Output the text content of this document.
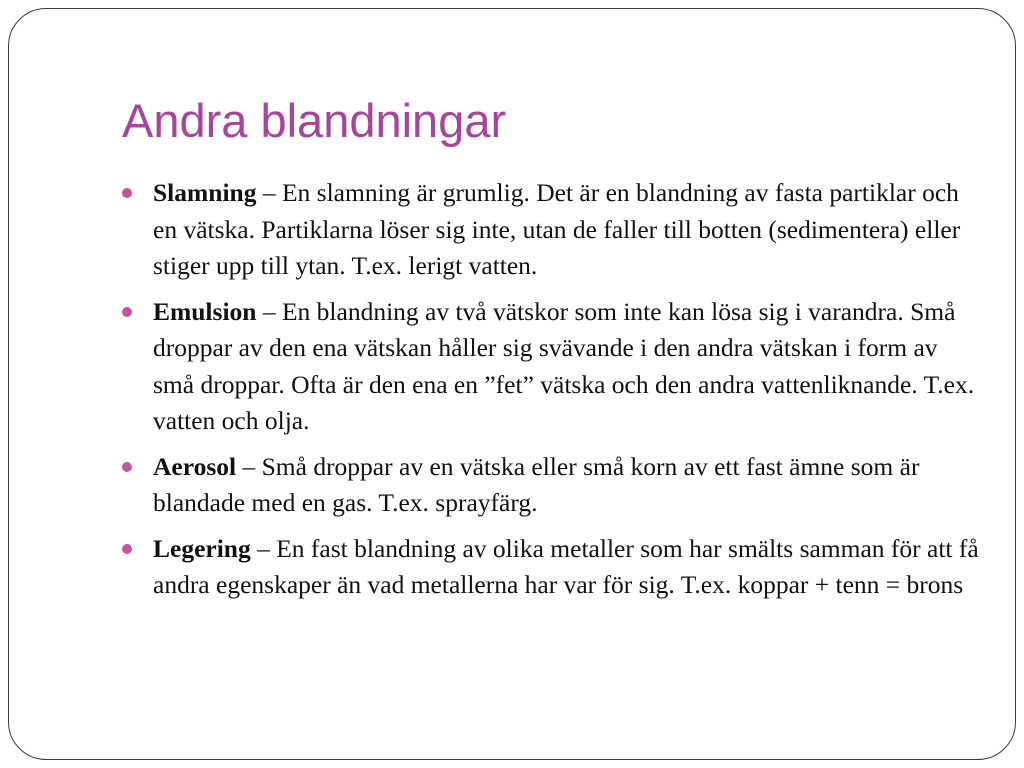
Andra blandningar
Slamning – En slamning är grumlig. Det är en blandning av fasta partiklar och en vätska. Partiklarna löser sig inte, utan de faller till botten (sedimentera) eller stiger upp till ytan. T.ex. lerigt vatten.
Emulsion – En blandning av två vätskor som inte kan lösa sig i varandra. Små droppar av den ena vätskan håller sig svävande i den andra vätskan i form av små droppar. Ofta är den ena en ”fet” vätska och den andra vattenliknande. T.ex. vatten och olja.
Aerosol – Små droppar av en vätska eller små korn av ett fast ämne som är blandade med en gas. T.ex. sprayfärg.
Legering – En fast blandning av olika metaller som har smälts samman för att få andra egenskaper än vad metallerna har var för sig. T.ex. koppar + tenn = brons
